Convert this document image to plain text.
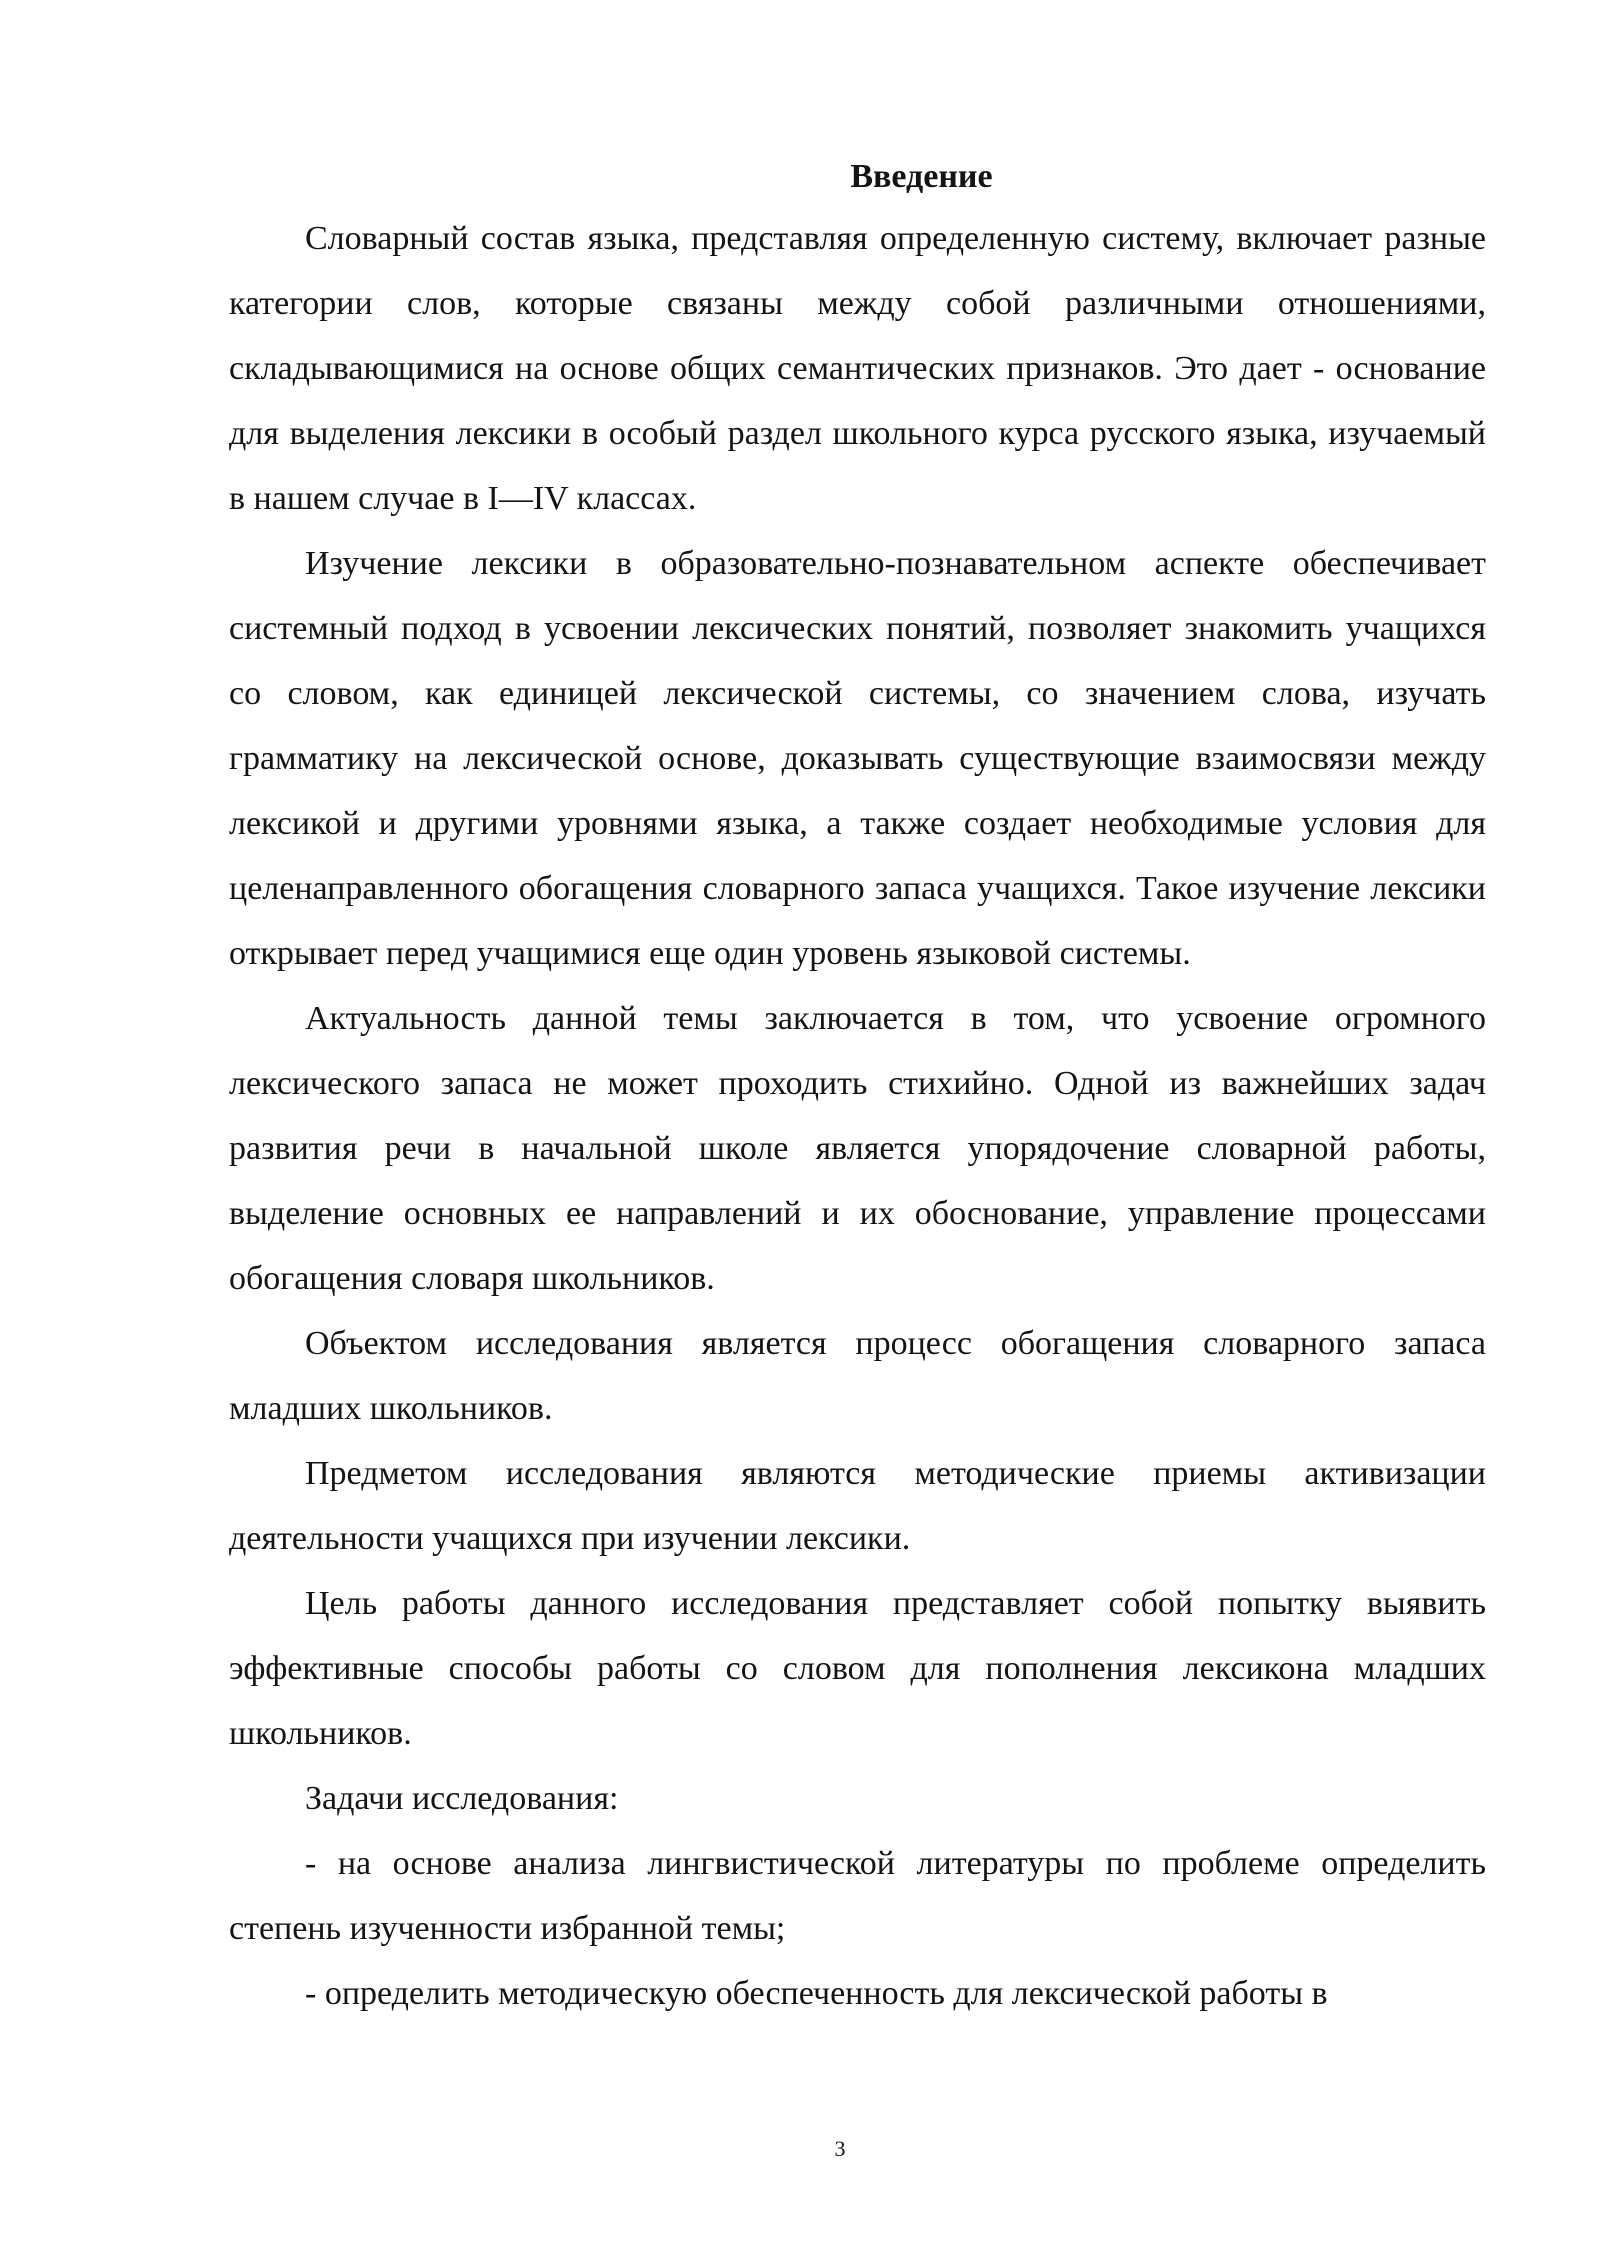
Введение

Словарный состав языка, представляя определенную систему, включает разные категории слов, которые связаны между собой различными отношениями, складывающимися на основе общих семантических признаков. Это дает - основание для выделения лексики в особый раздел школьного курса русского языка, изучаемый в нашем случае в I—IV классах.

Изучение лексики в образовательно-познавательном аспекте обеспечивает системный подход в усвоении лексических понятий, позволяет знакомить учащихся со словом, как единицей лексической системы, со значением слова, изучать грамматику на лексической основе, доказывать существующие взаимосвязи между лексикой и другими уровнями языка, а также создает необходимые условия для целенаправленного обогащения словарного запаса учащихся. Такое изучение лексики открывает перед учащимися еще один уровень языковой системы.

Актуальность данной темы заключается в том, что усвоение огромного лексического запаса не может проходить стихийно. Одной из важнейших задач развития речи в начальной школе является упорядочение словарной работы, выделение основных ее направлений и их обоснование, управление процессами обогащения словаря школьников.

Объектом исследования является процесс обогащения словарного запаса младших школьников.

Предметом исследования являются методические приемы активизации деятельности учащихся при изучении лексики.

Цель работы данного исследования представляет собой попытку выявить эффективные способы работы со словом для пополнения лексикона младших школьников.

Задачи исследования:

- на основе анализа лингвистической литературы по проблеме определить степень изученности избранной темы;

- определить методическую обеспеченность для лексической работы в

3
